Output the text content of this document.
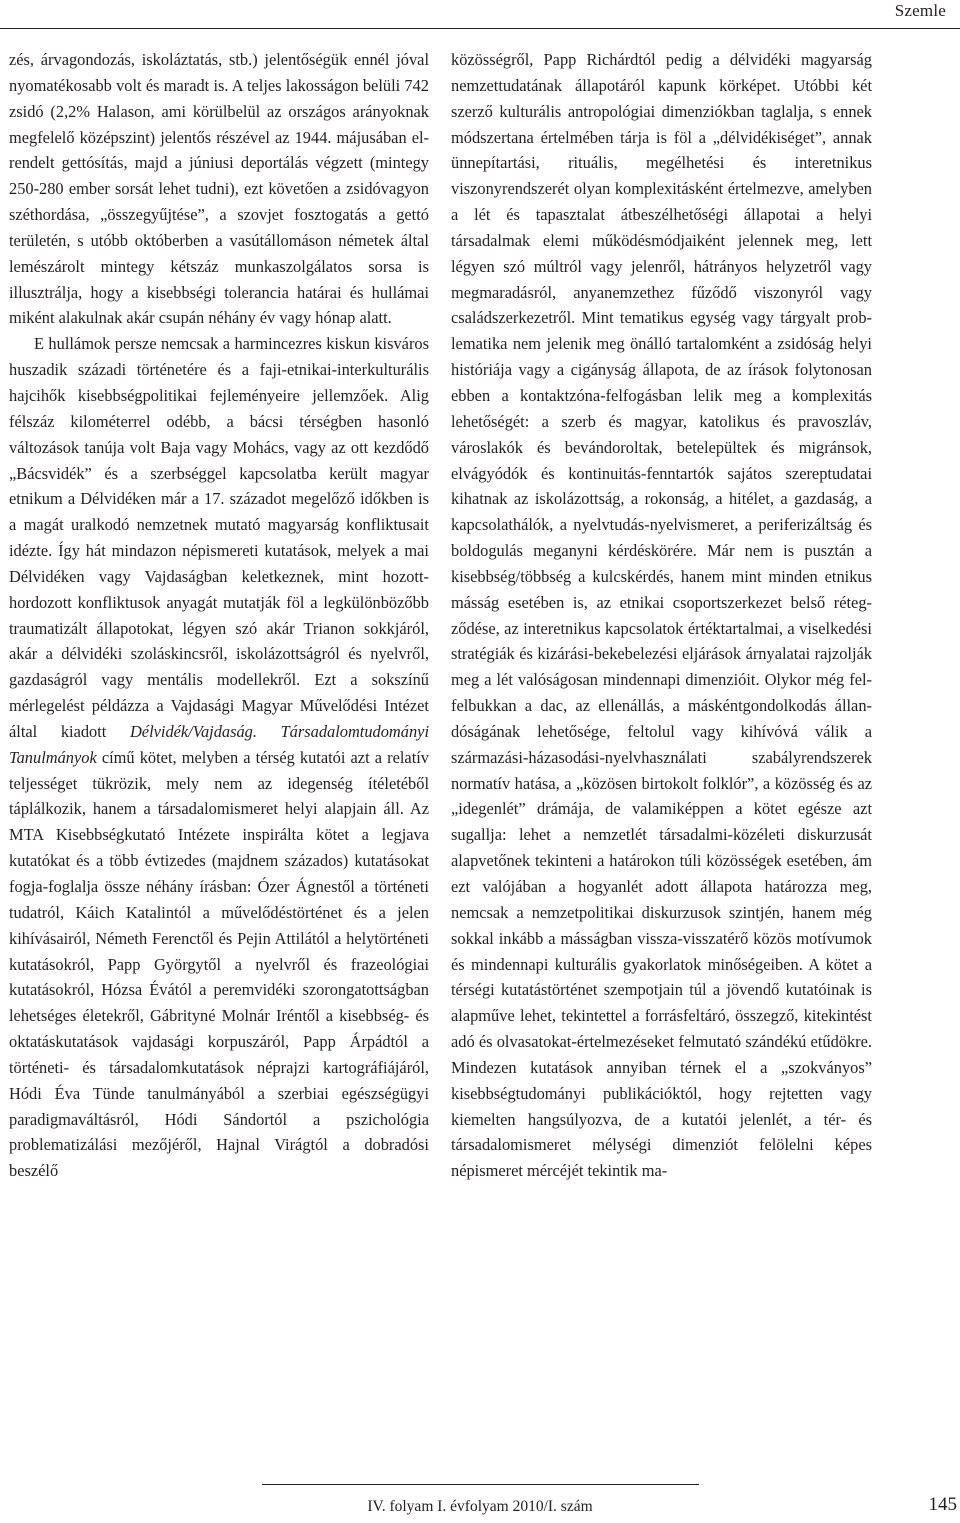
Szemle

zés, árvagondozás, iskoláztatás, stb.) jelentőségük ennél jóval nyomatékosabb volt és maradt is. A teljes lakosságon belüli 742 zsidó (2,2% Halason, ami körülbelül az országos arányoknak megfelelő középszint) jelentős részével az 1944. májusában elrendelt gettósítás, majd a júniusi deportálás végzett (mintegy 250-280 ember sorsát lehet tudni), ezt követően a zsidóvagyon széthordása, „összegyűjtése”, a szovjet fosztogatás a gettó területén, s utóbb októberben a vasútállomáson németek által lemészárolt mintegy kétszáz munkaszolgálatos sorsa is illusztrálja, hogy a kisebbségi tolerancia határai és hullámai miként alakulnak akár csupán néhány év vagy hónap alatt.

E hullámok persze nemcsak a harmincezres kiskun kisváros huszadik századi történetére és a faji-etnikai-interkulturális hajcihők kisebbségpolitikai fejleményeire jellemzőek. Alig félszáz kilométerrel odébb, a bácsi térségben hasonló változások tanúja volt Baja vagy Mohács, vagy az ott kezdődő „Bácsvidék” és a szerbséggel kapcsolatba került magyar etnikum a Délvidéken már a 17. századot megelőző időkben is a magát uralkodó nemzetnek mutató magyarság konfliktusait idézte. Így hát mindazon népismereti kutatások, melyek a mai Délvidéken vagy Vajdaságban keletkeznek, mint hozott-hordozott konfliktusok anyagát mutatják föl a legkülönbözőbb traumatizált állapotokat, légyen szó akár Trianon sokkjáról, akár a délvidéki szoláskincsről, iskolázottságról és nyelvről, gazdaságról vagy mentális modellekről. Ezt a sokszínű mérlegelést példázza a Vajdasági Magyar Művelődési Intézet által kiadott Délvidék/Vajdaság. Társadalomtudományi Tanulmányok című kötet, melyben a térség kutatói azt a relatív teljességet tükrözik, mely nem az idegenség ítéletéből táplálkozik, hanem a társadalomismeret helyi alapjain áll. Az MTA Kisebbségkutató Intézete inspirálta kötet a legjava kutatókat és a több évtizedes (majdnem százados) kutatásokat fogja-foglalja össze néhány írásban: Ózer Ágnestől a történeti tudatról, Káich Katalintól a művelődéstörténet és a jelen kihívásairól, Németh Ferenctől és Pejin Attilától a helytörténeti kutatásokról, Papp Györgytől a nyelvről és frazeológiai kutatásokról, Hózsa Évától a peremvidéki szorongatottságban lehetséges életekről, Gábrityné Molnár Iréntől a kisebbség- és oktatáskutatások vajdasági korpuszáról, Papp Árpádtól a történeti- és társadalomkutatások néprajzi kartográfiájáról, Hódi Éva Tünde tanulmányából a szerbiai egészségügyi paradigmaváltásról, Hódi Sándortól a pszichológia problematizálási mezőjéről, Hajnal Virágtól a dobradósi beszélő

közösségről, Papp Richárdtól pedig a délvidéki magyarság nemzettudatának állapotáról kapunk körképet. Utóbbi két szerző kulturális antropológiai dimenziókban taglalja, s ennek módszertana értelmében tárja is föl a „délvidékiséget”, annak ünnepítartási, rituális, megélhetési és interetnikus viszonyrendszerét olyan komplexitásként értelmezve, amelyben a lét és tapasztalat átbeszélhetőségi állapotai a helyi társadalmak elemi működésmódjaiként jelennek meg, lett légyen szó múltról vagy jelenről, hátrányos helyzetről vagy megmaradásról, anyanemzethez fűződő viszonyról vagy családszerkezetről. Mint tematikus egység vagy tárgyalt problematika nem jelenik meg önálló tartalomként a zsidóság helyi históriája vagy a cigányság állapota, de az írások folytonosan ebben a kontaktzóna-felfogásban lelik meg a komplexitás lehetőségét: a szerb és magyar, katolikus és pravoszláv, városlakók és bevándoroltak, betelepültek és migránsok, elvágyódók és kontinuitás-fenntartók sajátos szereptudatai kihatnak az iskolázottság, a rokonság, a hitélet, a gazdaság, a kapcsolathálók, a nyelvtudás-nyelvismeret, a periferizáltság és boldogulás meganyni kérdéskörére. Már nem is pusztán a kisebbség/többség a kulcskérdés, hanem mint minden etnikus másság esetében is, az etnikai csoportszerkezet belső rétegződése, az interetnikus kapcsolatok értéktartalmai, a viselkedési stratégiák és kizárási-bekebelezési eljárások árnyalatai rajzolják meg a lét valóságosan mindennapi dimenzióit. Olykor még fel-felbukkan a dac, az ellenállás, a máskéntgondolkodás állandóságának lehetősége, feltolul vagy kihívóvá válik a származási-házasodási-nyelvhasználati szabályrendszerek normatív hatása, a „közösen birtokolt folklór”, a közösség és az „idegenlét” drámája, de valamiképpen a kötet egésze azt sugallja: lehet a nemzetlét társadalmi-közéleti diskurzusát alapvetőnek tekinteni a határokon túli közösségek esetében, ám ezt valójában a hogyanlét adott állapota határozza meg, nemcsak a nemzetpolitikai diskurzusok szintjén, hanem még sokkal inkább a másságban vissza-visszatérő közös motívumok és mindennapi kulturális gyakorlatok minőségeiben. A kötet a térségi kutatástörténet szempotjain túl a jövendő kutatóinak is alapműve lehet, tekintettel a forrásfeltáró, összegző, kitekintést adó és olvasatokat-értelmezéseket felmutató szándékú etűdökre. Mindezen kutatások annyiban térnek el a „szokványos” kisebbségtudományi publikációktól, hogy rejtetten vagy kiemelten hangsúlyozva, de a kutatói jelenlét, a tér- és társadalomismeret mélységi dimenziót felölelni képes népismeret mércéjét tekintik ma-

IV. folyam I. évfolyam 2010/I. szám	145
